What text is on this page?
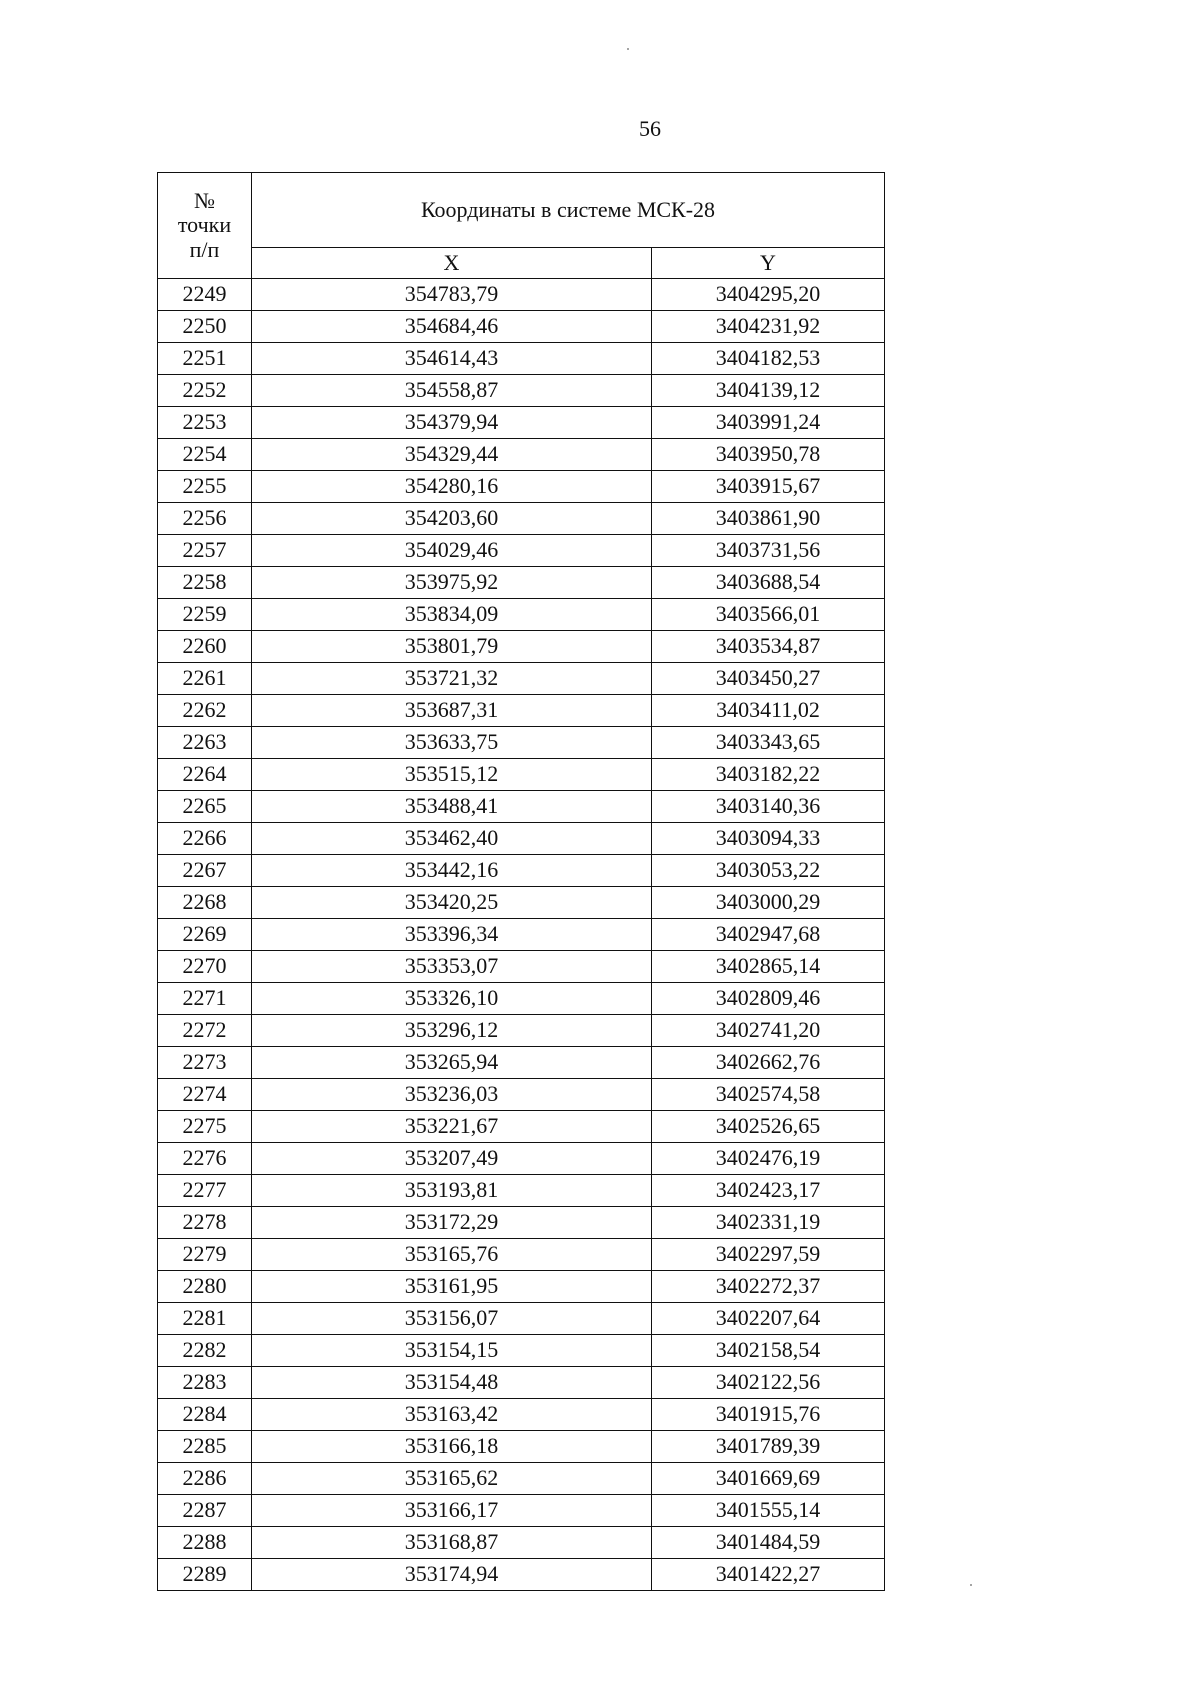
56
№
точки
п/п	Координаты в системе МСК-28	
	X	Y
2249	354783,79	3404295,20
2250	354684,46	3404231,92
2251	354614,43	3404182,53
2252	354558,87	3404139,12
2253	354379,94	3403991,24
2254	354329,44	3403950,78
2255	354280,16	3403915,67
2256	354203,60	3403861,90
2257	354029,46	3403731,56
2258	353975,92	3403688,54
2259	353834,09	3403566,01
2260	353801,79	3403534,87
2261	353721,32	3403450,27
2262	353687,31	3403411,02
2263	353633,75	3403343,65
2264	353515,12	3403182,22
2265	353488,41	3403140,36
2266	353462,40	3403094,33
2267	353442,16	3403053,22
2268	353420,25	3403000,29
2269	353396,34	3402947,68
2270	353353,07	3402865,14
2271	353326,10	3402809,46
2272	353296,12	3402741,20
2273	353265,94	3402662,76
2274	353236,03	3402574,58
2275	353221,67	3402526,65
2276	353207,49	3402476,19
2277	353193,81	3402423,17
2278	353172,29	3402331,19
2279	353165,76	3402297,59
2280	353161,95	3402272,37
2281	353156,07	3402207,64
2282	353154,15	3402158,54
2283	353154,48	3402122,56
2284	353163,42	3401915,76
2285	353166,18	3401789,39
2286	353165,62	3401669,69
2287	353166,17	3401555,14
2288	353168,87	3401484,59
2289	353174,94	3401422,27
